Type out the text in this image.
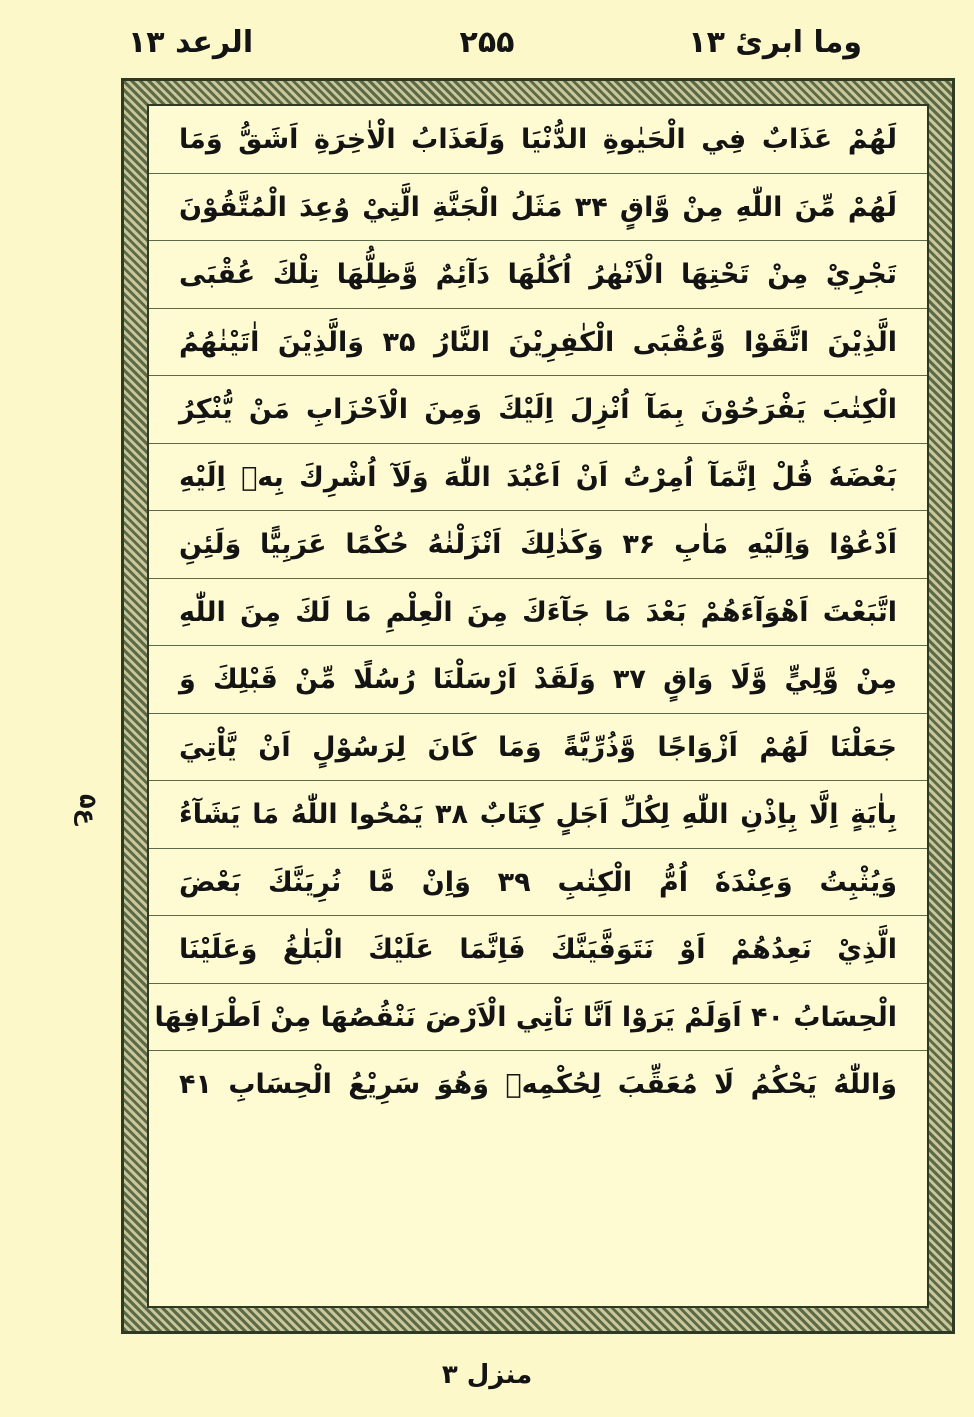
الرعد ۱۳	۲۵۵	وما ابریٔ ۱۳
ع۵
لَهُمْ عَذَابٌ فِي الْحَيٰوةِ الدُّنْيَا وَلَعَذَابُ الْاٰخِرَةِ اَشَقُّ وَمَا
لَهُمْ مِّنَ اللّٰهِ مِنْ وَّاقٍ ۳۴ مَثَلُ الْجَنَّةِ الَّتِيْ وُعِدَ الْمُتَّقُوْنَ
تَجْرِيْ مِنْ تَحْتِهَا الْاَنْهٰرُ اُكُلُهَا دَآئِمٌ وَّظِلُّهَا تِلْكَ عُقْبَى
الَّذِيْنَ اتَّقَوْا وَّعُقْبَى الْكٰفِرِيْنَ النَّارُ ۳۵ وَالَّذِيْنَ اٰتَيْنٰهُمُ
الْكِتٰبَ يَفْرَحُوْنَ بِمَآ اُنْزِلَ اِلَيْكَ وَمِنَ الْاَحْزَابِ مَنْ يُّنْكِرُ
بَعْضَهٗ قُلْ اِنَّمَآ اُمِرْتُ اَنْ اَعْبُدَ اللّٰهَ وَلَآ اُشْرِكَ بِهٖ اِلَيْهِ
اَدْعُوْا وَاِلَيْهِ مَاٰبِ ۳۶ وَكَذٰلِكَ اَنْزَلْنٰهُ حُكْمًا عَرَبِيًّا وَلَئِنِ
اتَّبَعْتَ اَهْوَآءَهُمْ بَعْدَ مَا جَآءَكَ مِنَ الْعِلْمِ مَا لَكَ مِنَ اللّٰهِ
مِنْ وَّلِيٍّ وَّلَا وَاقٍ ۳۷ وَلَقَدْ اَرْسَلْنَا رُسُلًا مِّنْ قَبْلِكَ وَ
جَعَلْنَا لَهُمْ اَزْوَاجًا وَّذُرِّيَّةً وَمَا كَانَ لِرَسُوْلٍ اَنْ يَّاْتِيَ
بِاٰيَةٍ اِلَّا بِاِذْنِ اللّٰهِ لِكُلِّ اَجَلٍ كِتَابٌ ۳۸ يَمْحُوا اللّٰهُ مَا يَشَآءُ
وَيُثْبِتُ وَعِنْدَهٗ اُمُّ الْكِتٰبِ ۳۹ وَاِنْ مَّا نُرِيَنَّكَ بَعْضَ
الَّذِيْ نَعِدُهُمْ اَوْ نَتَوَفَّيَنَّكَ فَاِنَّمَا عَلَيْكَ الْبَلٰغُ وَعَلَيْنَا
الْحِسَابُ ۴۰ اَوَلَمْ يَرَوْا اَنَّا نَاْتِي الْاَرْضَ نَنْقُصُهَا مِنْ اَطْرَافِهَا
وَاللّٰهُ يَحْكُمُ لَا مُعَقِّبَ لِحُكْمِهٖ وَهُوَ سَرِيْعُ الْحِسَابِ ۴۱
منزل ۳
